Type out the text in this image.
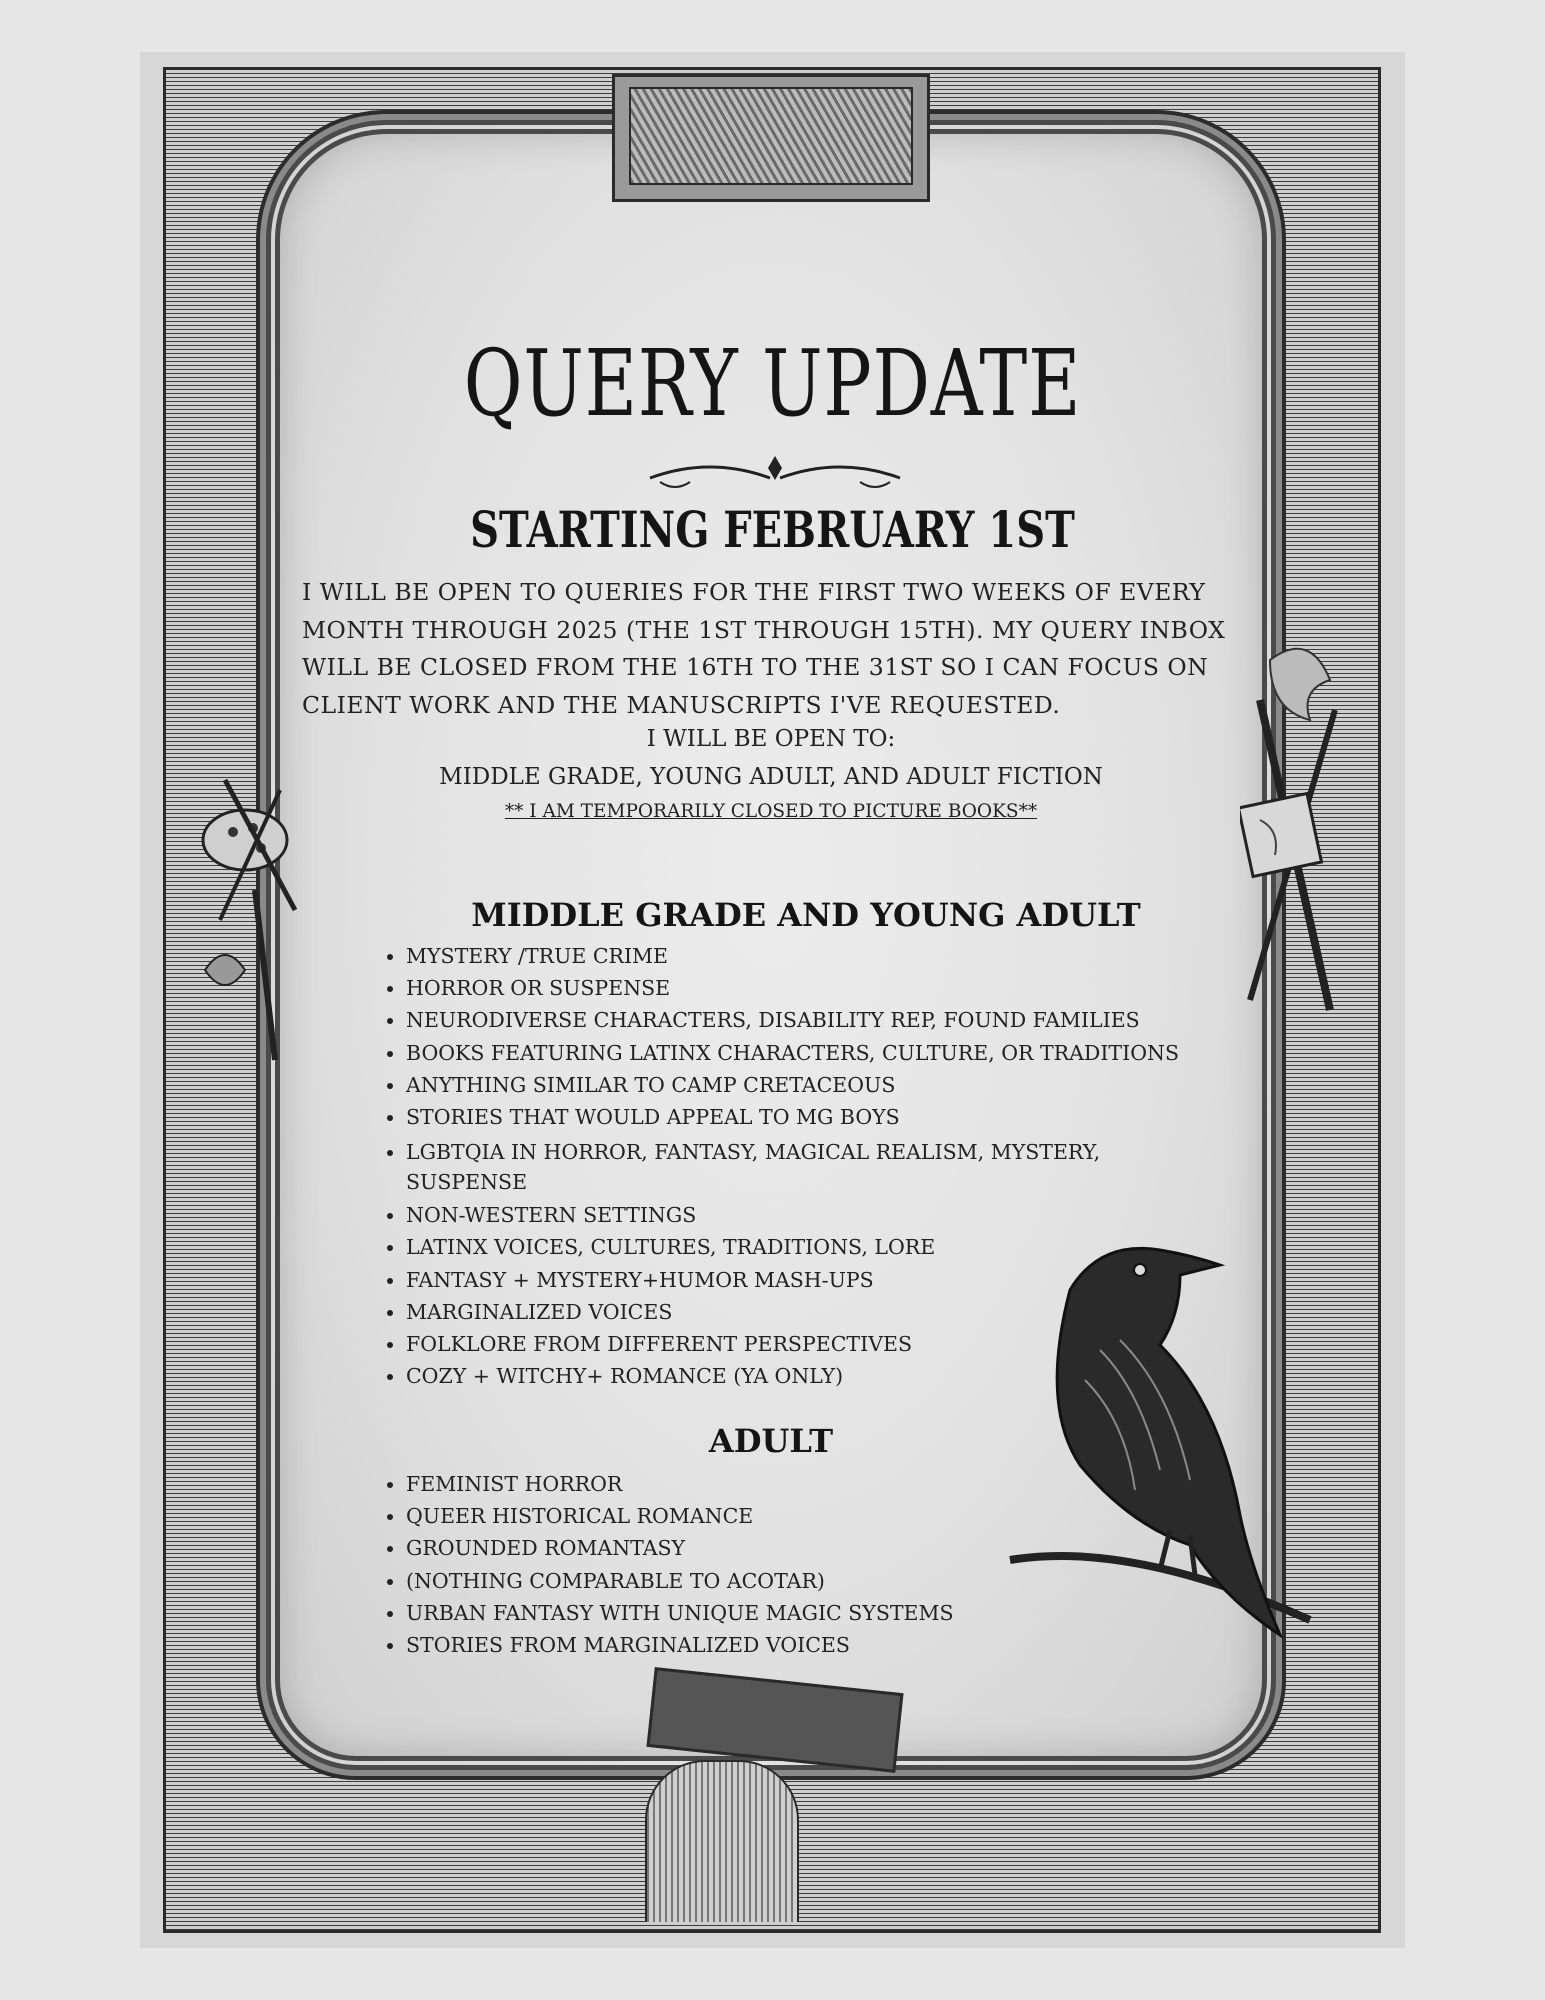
QUERY UPDATE
STARTING FEBRUARY 1ST

I WILL BE OPEN TO QUERIES FOR THE FIRST TWO WEEKS OF EVERY MONTH THROUGH 2025 (THE 1ST THROUGH 15TH). MY QUERY INBOX WILL BE CLOSED FROM THE 16TH TO THE 31ST SO I CAN FOCUS ON CLIENT WORK AND THE MANUSCRIPTS I'VE REQUESTED.

I WILL BE OPEN TO:

MIDDLE GRADE, YOUNG ADULT, AND ADULT FICTION

** I AM TEMPORARILY CLOSED TO PICTURE BOOKS**

MIDDLE GRADE AND YOUNG ADULT
• MYSTERY /TRUE CRIME
• HORROR OR SUSPENSE
• NEURODIVERSE CHARACTERS, DISABILITY REP, FOUND FAMILIES
• BOOKS FEATURING LATINX CHARACTERS, CULTURE, OR TRADITIONS
• ANYTHING SIMILAR TO CAMP CRETACEOUS
• STORIES THAT WOULD APPEAL TO MG BOYS
• LGBTQIA IN HORROR, FANTASY, MAGICAL REALISM, MYSTERY, SUSPENSE
• NON-WESTERN SETTINGS
• LATINX VOICES, CULTURES, TRADITIONS, LORE
• FANTASY + MYSTERY+HUMOR MASH-UPS
• MARGINALIZED VOICES
• FOLKLORE FROM DIFFERENT PERSPECTIVES
• COZY + WITCHY+ ROMANCE (YA ONLY)
ADULT
• FEMINIST HORROR
• QUEER HISTORICAL ROMANCE
• GROUNDED ROMANTASY
• (NOTHING COMPARABLE TO ACOTAR)
• URBAN FANTASY WITH UNIQUE MAGIC SYSTEMS
• STORIES FROM MARGINALIZED VOICES
